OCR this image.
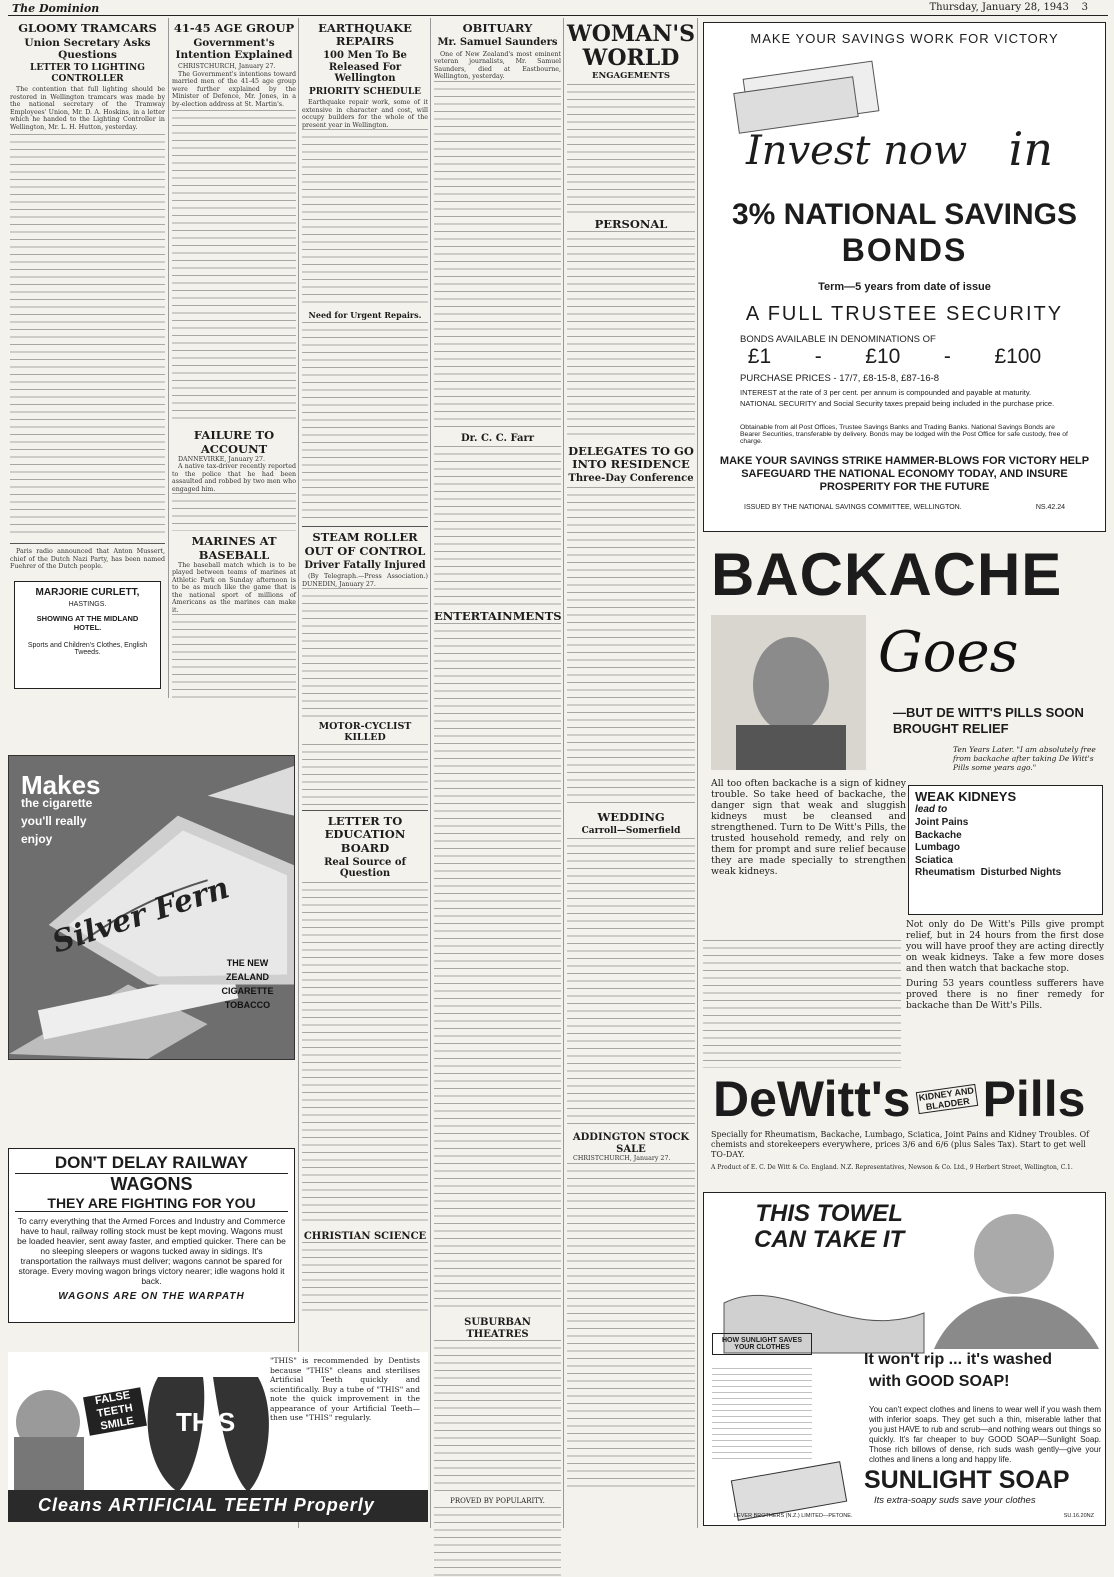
The Dominion	Thursday, January 28, 1943 3
GLOOMY TRAMCARS
Union Secretary Asks Questions
LETTER TO LIGHTING CONTROLLER

The contention that full lighting should be restored in Wellington tramcars was made by the national secretary of the Tramway Employees' Union, Mr. D. A. Hoskins, in a letter which he handed to the Lighting Controller in Wellington, Mr. L. H. Hutton, yesterday.

Paris radio announced that Anton Mussert, chief of the Dutch Nazi Party, has been named Fuehrer of the Dutch people.

MARJORIE CURLETT,
HASTINGS.
SHOWING AT THE MIDLAND HOTEL.
Sports and Children's Clothes, English Tweeds.
Makes
the cigarette
you'll really
enjoy
Silver Fern
THE NEW ZEALAND
CIGARETTE
TOBACCO
DON'T DELAY RAILWAY
WAGONS
THEY ARE FIGHTING FOR YOU
To carry everything that the Armed Forces and Industry and Commerce have to haul, railway rolling stock must be kept moving. Wagons must be loaded heavier, sent away faster, and emptied quicker. There can be no sleeping sleepers or wagons tucked away in sidings. It's transportation the railways must deliver; wagons cannot be spared for storage. Every moving wagon brings victory nearer; idle wagons hold it back.
WAGONS ARE ON THE WARPATH
FALSE
TEETH
SMILE	THIS
"THIS" is recommended by Dentists because "THIS" cleans and sterilises Artificial Teeth quickly and scientifically. Buy a tube of "THIS" and note the quick improvement in the appearance of your Artificial Teeth—then use "THIS" regularly.
Cleans ARTIFICIAL TEETH Properly
41-45 AGE GROUP
Government's Intention Explained

CHRISTCHURCH, January 27.

The Government's intentions toward married men of the 41-45 age group were further explained by the Minister of Defence, Mr. Jones, in a by-election address at St. Martin's.

FAILURE TO ACCOUNT

DANNEVIRKE, January 27.

A native tax-driver recently reported to the police that he had been assaulted and robbed by two men who engaged him.

MARINES AT BASEBALL

The baseball match which is to be played between teams of marines at Athletic Park on Sunday afternoon is to be as much like the game that is the national sport of millions of Americans as the marines can make it.

EARTHQUAKE REPAIRS
100 Men To Be Released For Wellington
PRIORITY SCHEDULE

Earthquake repair work, some of it extensive in character and cost, will occupy builders for the whole of the present year in Wellington.

Need for Urgent Repairs.
STEAM ROLLER OUT OF CONTROL
Driver Fatally Injured

(By Telegraph.—Press Association.) DUNEDIN, January 27.

MOTOR-CYCLIST KILLED
LETTER TO EDUCATION BOARD
Real Source of Question
CHRISTIAN SCIENCE
OBITUARY
Mr. Samuel Saunders

One of New Zealand's most eminent veteran journalists, Mr. Samuel Saunders, died at Eastbourne, Wellington, yesterday.

Dr. C. C. Farr
ENTERTAINMENTS
SUBURBAN THEATRES
PROVED BY POPULARITY.
WOMAN'S WORLD
ENGAGEMENTS
PERSONAL
DELEGATES TO GO INTO RESIDENCE
Three-Day Conference
WEDDING
Carroll—Somerfield
ADDINGTON STOCK SALE

CHRISTCHURCH, January 27.

MAKE YOUR SAVINGS WORK FOR VICTORY
Invest now in
3% NATIONAL SAVINGS
BONDS
Term—5 years from date of issue
A FULL TRUSTEE SECURITY
BONDS AVAILABLE IN DENOMINATIONS OF
£1 - £10 - £100
PURCHASE PRICES - 17/7, £8-15-8, £87-16-8
INTEREST at the rate of 3 per cent. per annum is compounded and payable at maturity.
NATIONAL SECURITY and Social Security taxes prepaid being included in the purchase price.
Obtainable from all Post Offices, Trustee Savings Banks and Trading Banks. National Savings Bonds are Bearer Securities, transferable by delivery. Bonds may be lodged with the Post Office for safe custody, free of charge.
MAKE YOUR SAVINGS STRIKE HAMMER-BLOWS FOR VICTORY HELP SAFEGUARD THE NATIONAL ECONOMY TODAY, AND INSURE PROSPERITY FOR THE FUTURE
ISSUED BY THE NATIONAL SAVINGS COMMITTEE, WELLINGTON.	NS.42.24
BACKACHE
Goes
—BUT DE WITT'S PILLS SOON BROUGHT RELIEF
Ten Years Later. "I am absolutely free from backache after taking De Witt's Pills some years ago."
All too often backache is a sign of kidney trouble. So take heed of backache, the danger sign that weak and sluggish kidneys must be cleansed and strengthened. Turn to De Witt's Pills, the trusted household remedy, and rely on them for prompt and sure relief because they are made specially to strengthen weak kidneys.
WEAK KIDNEYS
lead to
Joint Pains
Backache
Lumbago
Sciatica
Rheumatism Disturbed Nights
Not only do De Witt's Pills give prompt relief, but in 24 hours from the first dose you will have proof they are acting directly on weak kidneys. Take a few more doses and then watch that backache stop.
During 53 years countless sufferers have proved there is no finer remedy for backache than De Witt's Pills.
DeWitt's KIDNEY AND BLADDER Pills
Specially for Rheumatism, Backache, Lumbago, Sciatica, Joint Pains and Kidney Troubles. Of chemists and storekeepers everywhere, prices 3/6 and 6/6 (plus Sales Tax). Start to get well TO-DAY.
A Product of E. C. De Witt & Co. England. N.Z. Representatives, Newson & Co. Ltd., 9 Herbert Street, Wellington, C.1.
THIS TOWEL
CAN TAKE IT
HOW SUNLIGHT SAVES YOUR CLOTHES
It won't rip ... it's washed
with GOOD SOAP!
You can't expect clothes and linens to wear well if you wash them with inferior soaps. They get such a thin, miserable lather that you just HAVE to rub and scrub—and nothing wears out things so quickly. It's far cheaper to buy GOOD SOAP—Sunlight Soap. Those rich billows of dense, rich suds wash gently—give your clothes and linens a long and happy life.
SUNLIGHT SOAP
Its extra-soapy suds save your clothes
LEVER BROTHERS (N.Z.) LIMITED—PETONE.	SU.16.20NZ
